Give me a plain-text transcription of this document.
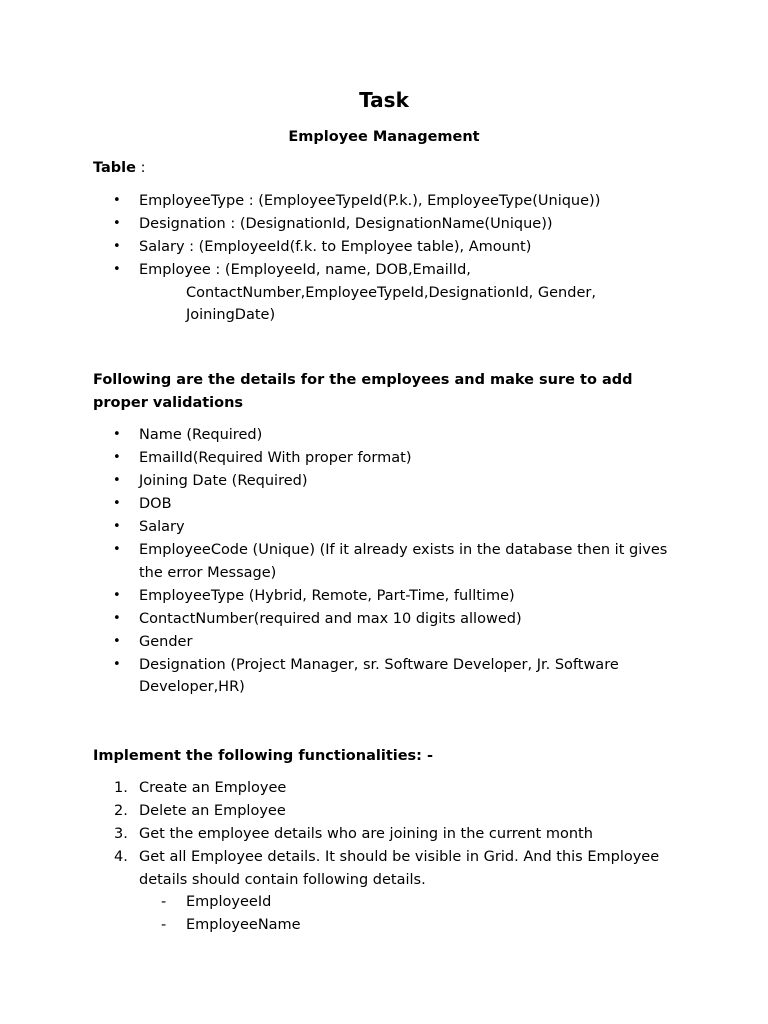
Task
Employee Management

Table :

• EmployeeType : (EmployeeTypeId(P.k.), EmployeeType(Unique))
• Designation : (DesignationId, DesignationName(Unique))
• Salary : (EmployeeId(f.k. to Employee table), Amount)
• Employee : (EmployeeId, name, DOB,EmailId,
ContactNumber,EmployeeTypeId,DesignationId, Gender,
JoiningDate)

Following are the details for the employees and make sure to add proper validations

• Name (Required)
• EmailId(Required With proper format)
• Joining Date (Required)
• DOB
• Salary
• EmployeeCode (Unique) (If it already exists in the database then it gives the error Message)
• EmployeeType (Hybrid, Remote, Part-Time, fulltime)
• ContactNumber(required and max 10 digits allowed)
• Gender
• Designation (Project Manager, sr. Software Developer, Jr. Software Developer,HR)

Implement the following functionalities: -

1. Create an Employee
2. Delete an Employee
3. Get the employee details who are joining in the current month
4. Get all Employee details. It should be visible in Grid. And this Employee details should contain following details.
- EmployeeId
- EmployeeName
